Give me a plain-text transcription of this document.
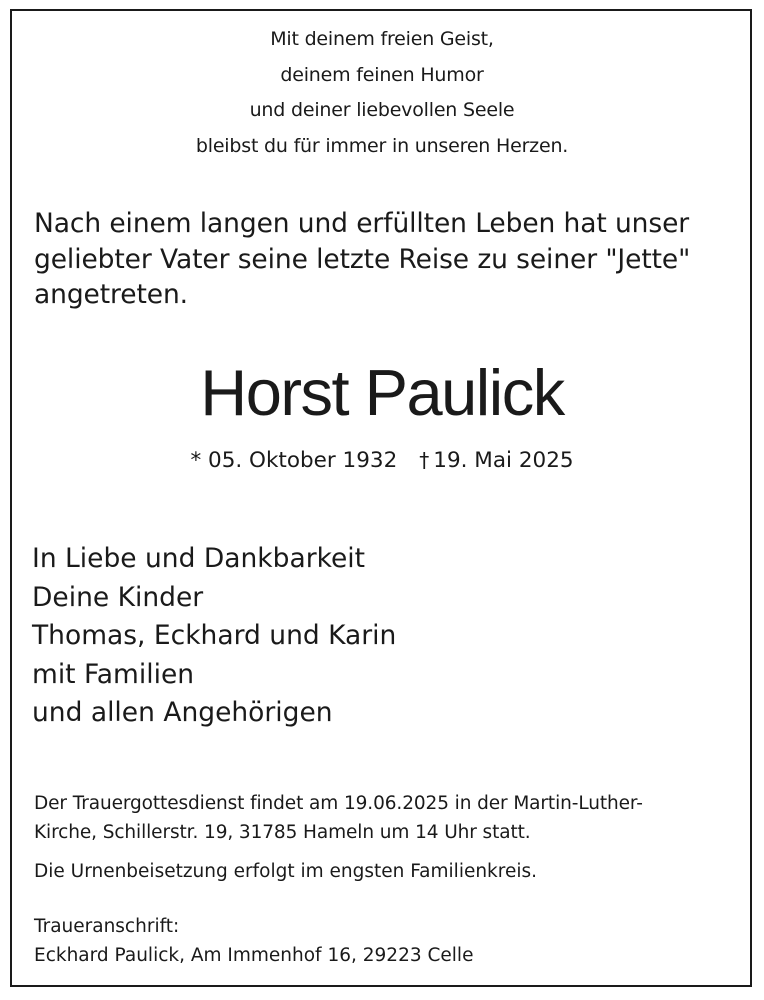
Mit deinem freien Geist,
deinem feinen Humor
und deiner liebevollen Seele
bleibst du für immer in unseren Herzen.
Nach einem langen und erfüllten Leben hat unser
geliebter Vater seine letzte Reise zu seiner "Jette"
angetreten.
Horst Paulick
* 05. Oktober 1932 † 19. Mai 2025
In Liebe und Dankbarkeit
Deine Kinder
Thomas, Eckhard und Karin
mit Familien
und allen Angehörigen
Der Trauergottesdienst findet am 19.06.2025 in der Martin-Luther-
Kirche, Schillerstr. 19, 31785 Hameln um 14 Uhr statt.
Die Urnenbeisetzung erfolgt im engsten Familienkreis.
Traueranschrift:
Eckhard Paulick, Am Immenhof 16, 29223 Celle
